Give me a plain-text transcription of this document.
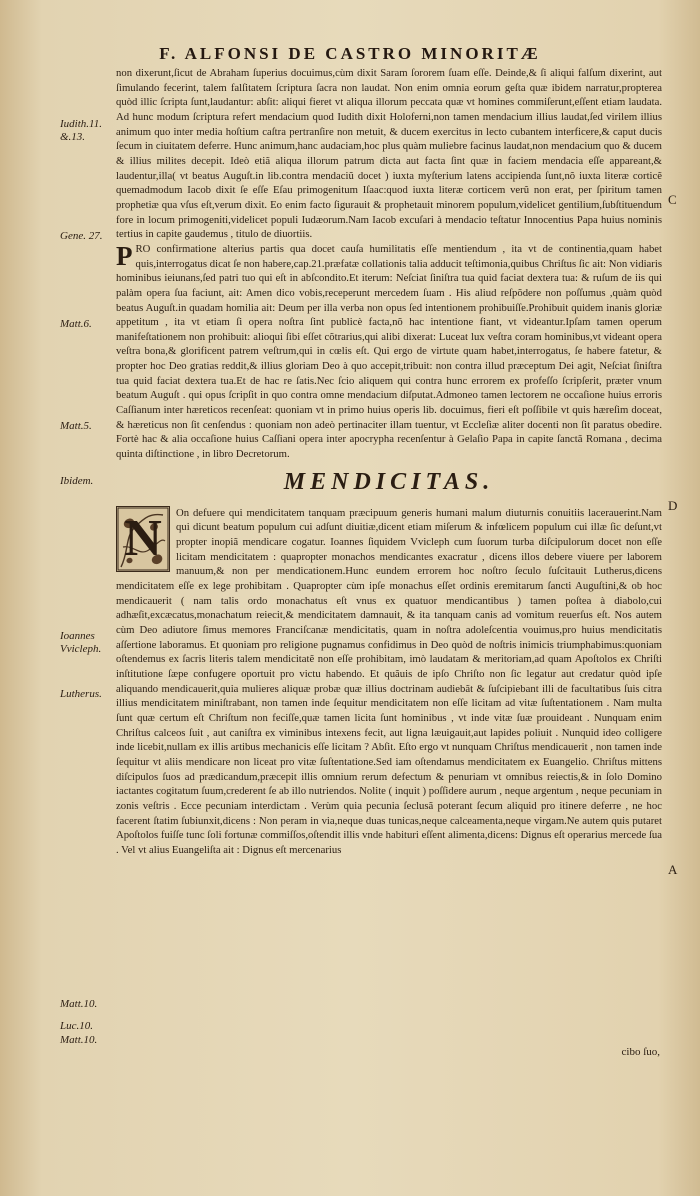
F. ALFONSI DE CASTRO MINORITÆ

non dixerunt,ſicut de Abraham ſuperius docuimus,cùm dixit Saram ſororem ſuam eſſe. Deinde,& ſi aliqui falſum dixerint, aut ſimulando fecerint, talem falſitatem ſcriptura ſacra non laudat. Non enim omnia eorum geſta quæ ibidem narratur,propterea quòd illic ſcripta ſunt,laudantur: abſit: aliqui fieret vt aliqua illorum peccata quæ vt homines commiſerunt,eſſent etiam laudata. Ad hunc modum ſcriptura refert mendacium quod Iudith dixit Holoferni,non tamen mendacium illius laudat,ſed virilem illius animum quo inter media hoſtium caſtra pertranſire non metuit, & ducem exercitus in lecto cubantem interficere,& caput ducis ſecum in ciuitatem deferre. Hunc animum,hanc audaciam,hoc plus quàm muliebre facinus laudat,non mendacium quo & ducem & illius milites decepit. Ideò etiã aliqua illorum patrum dicta aut facta ſint quæ in faciem mendacia eſſe appareant,& laudentur,illa( vt beatus Auguſt.in lib.contra mendaciũ docet ) iuxta myſterium latens accipienda ſunt,nõ iuxta literæ corticẽ quemadmodum Iacob dixit ſe eſſe Eſau primogenitum Iſaac:quod iuxta literæ corticem verũ non erat, per ſpiritum tamen prophetiæ qua vſus eſt,verum dixit. Eo enim facto ſigurauit & prophetauit minorem populum,videlicet gentilium,ſubſtituendum fore in locum primogeniti,videlicet populi Iudæorum.Nam Iacob excuſari à mendacio teſtatur Innocentius Papa huius nominis tertius in capite gaudemus , titulo de diuortiis.

PRO confirmatione alterius partis qua docet cauſa humilitatis eſſe mentiendum , ita vt de continentia,quam habet quis,interrogatus dicat ſe non habere,cap.21.præfatæ collationis talia adducit teſtimonia,quibus Chriſtus ſic ait: Non vidiaris hominibus ieiunans,ſed patri tuo qui eſt in abſcondito.Et iterum: Neſciat ſiniſtra tua quid faciat dextera tua: & ruſum de iis qui palàm opera ſua faciunt, ait: Amen dico vobis,receperunt mercedem ſuam . His aliud reſpõdere non poſſumus ,quàm quòd beatus Auguſt.in quadam homilia ait: Deum per illa verba non opus ſed intentionem prohibuiſſe.Prohibuit quidem inanis gloriæ appetitum , ita vt etiam ſi opera noſtra ſint publicè facta,nõ hac intentione fiant, vt videantur.Ipſam tamen operum manifeſtationem non prohibuit: alioqui ſibi eſſet cõtrarius,qui alibi dixerat: Luceat lux veſtra coram hominibus,vt videant opera veſtra bona,& glorificent patrem veſtrum,qui in cœlis eſt. Qui ergo de virtute quam habet,interrogatus, ſe habere fatetur, & propter hoc Deo gratias reddit,& illius gloriam Deo à quo accepit,tribuit: non contra illud præceptum Dei agit, Neſciat ſiniſtra tua quid faciat dextera tua.Et de hac re ſatis.Nec ſcio aliquem qui contra hunc errorem ex profeſſo ſcripſerit, præter vnum beatum Auguſt . qui opus ſcripſit in quo contra omne mendacium diſputat.Admoneo tamen lectorem ne occaſione huius erroris Caſſianum inter hæreticos recenſeat: quoniam vt in primo huius operis lib. docuimus, fieri eſt poſſibile vt quis hæreſim doceat, & hæreticus non ſit cenſendus : quoniam non adeò pertinaciter illam tuentur, vt Eccleſiæ aliter docenti non ſit paratus obedire. Fortè hac & alia occaſione huius Caſſiani opera inter apocrypha recenſentur à Gelaſio Papa in capite ſanctã Romana , decima quinta diſtinctione , in libro Decretorum.

MENDICITAS.

N	On defuere qui mendicitatem tanquam præcipuum generis humani malum diuturnis conuitiis lacerauerint.Nam qui dicunt beatum populum cui adſunt diuitiæ,dicent etiam miſerum & infœlicem populum cui illæ ſic deſunt,vt propter inopiã mendicare cogatur. Ioannes ſiquidem Vvicleph cum ſuorum turba diſcipulorum docet non eſſe licitam mendicitatem : quapropter monachos mendicantes exacratur , dicens illos debere viuere per laborem manuum,& non per mendicationem.Hunc eundem errorem hoc noſtro ſeculo ſuſcitauit Lutherus,dicens mendicitatem eſſe ex lege prohibitam . Quapropter cùm ipſe monachus eſſet ordinis eremitarum ſancti Auguſtini,& ob hoc mendicauerit ( nam talis ordo monachatus eſt vnus ex quatuor mendicantibus ) tamen poſtea à diabolo,cui adhæſit,excæcatus,monachatum reiecit,& mendicitatem damnauit, & ita tanquam canis ad vomitum reuerſus eſt. Nos autem cùm Deo adiutore ſimus memores Franciſcanæ mendicitatis, quam in noſtra adoleſcentia vouimus,pro huius mendicitatis aſſertione laboramus. Et quoniam pro religione pugnamus confidimus in Deo quòd de noſtris inimicis triumphabimus:quoniam oſtendemus ex ſacris literis talem mendicitatẽ non eſſe prohibitam, imò laudatam & meritoriam,ad quam Apoſtolos ex Chriſti inſtitutione ſæpe confugere oportuit pro victu habendo. Et quãuis de ipſo Chriſto non ſic legatur aut credatur quòd ipſe aliquando mendicauerit,quia mulieres aliquæ probæ quæ illius doctrinam audiebãt & ſuſcipiebant illi de facultatibus ſuis citra illius mendicitatem miniſtrabant, non tamen inde ſequitur mendicitatem non eſſe licitam ad vitæ ſuſtentationem . Nam multa ſunt quæ certum eſt Chriſtum non feciſſe,quæ tamen licita ſunt hominibus , vt inde vitæ ſuæ prouideant . Nunquam enim Chriſtus calceos ſuit , aut caniſtra ex viminibus intexens fecit, aut ligna læuigauit,aut lapides poliuit . Nunquid ideo colligere inde licebit,nullam ex illis artibus mechanicis eſſe licitam ? Abſit. Eſto ergo vt nunquam Chriſtus mendicauerit , non tamen inde ſequitur vt aliis mendicare non liceat pro vitæ ſuſtentatione.Sed iam oſtendamus mendicitatem ex Euangelio. Chriſtus mittens diſcipulos ſuos ad prædicandum,præcepit illis omnium rerum defectum & penuriam vt omnibus reiectis,& in ſolo Domino iactantes cogitatum ſuum,crederent ſe ab illo nutriendos. Nolite ( inquit ) poſſidere aurum , neque argentum , neque pecuniam in zonis veſtris . Ecce pecuniam interdictam . Verùm quia pecunia ſeclusã poterant ſecum aliquid pro itinere deferre , ne hoc facerent ſtatim ſubiunxit,dicens : Non peram in via,neque duas tunicas,neque calceamenta,neque virgam.Ne autem quis putaret Apoſtolos fuiſſe tunc ſoli fortunæ commiſſos,oſtendit illis vnde habituri eſſent alimenta,dicens: Dignus eſt operarius mercede ſua . Vel vt alius Euangeliſta ait : Dignus eſt mercenarius

Iudith.11.
&.13.
Gene. 27.
Matt.6.
Matt.5.
Ibidem.
Ioannes
Vvicleph.
Lutherus.
Matt.10.
Luc.10.
Matt.10.
C
D
A
cibo ſuo,
